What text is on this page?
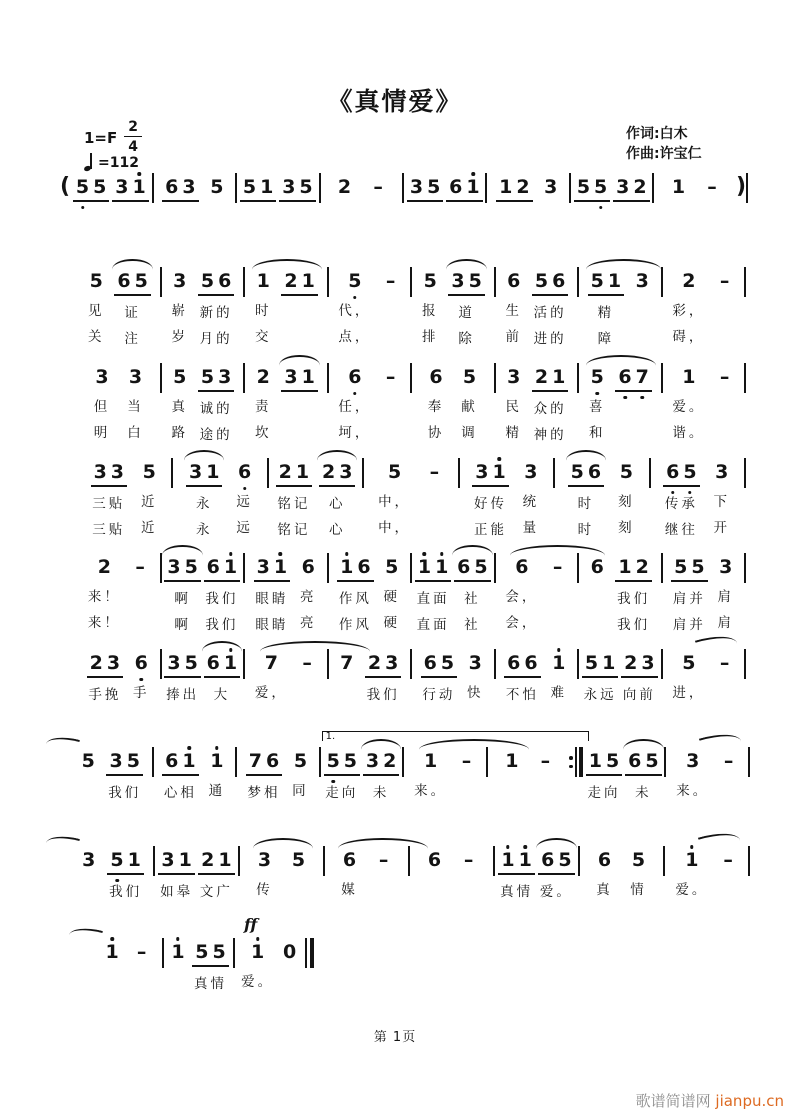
《真情爱》
$1=F \frac{2}{4}$
=112
作词:白木
作曲:许宝仁
( 5 5 3 1 6 3 5 5 1 3 5 2 – 3 5 6 1 1 2 3 5 5 3 2 1 – )
5
见
关
6 5
证
注
3
崭
岁
5 6
新的
月的
1
时
交
2 1

5
代，
点，
–

5
报
排
3 5
道
除
6
生
前
5 6
活的
进的
5 1
精
障
3

2
彩，
碍，
–

3
但
明
3
当
白
5
真
路
5 3
诚的
途的
2
责
坎
3 1

6
任，
坷，
–

6
奉
协
5
献
调
3
民
精
2 1
众的
神的
5
喜
和
6 7

1
爱。
谐。
–

3 3
三贴
三贴
5
近
近
3 1
永
永
6
远
远
2 1
铭记
铭记
2 3
心
心
5
中，
中，
–

3 1
好传
正能
3
统
量
5 6
时
时
5
刻
刻
6 5
传承
继往
3
下
开
2
来！
来！
–

3 5
啊
啊
6 1
我们
我们
3 1
眼睛
眼睛
6
亮
亮
1 6
作风
作风
5
硬
硬
1 1
直面
直面
6 5
社
社
6
会，
会，
–

6

1 2
我们
我们
5 5
肩并
肩并
3
肩
肩
2 3
手挽
6
手
3 5
捧出
6 1
大
7
爱，
–
7
2 3
我们
6 5
行动
3
快
6 6
不怕
1
难
5 1
永远
2 3
向前
5
进，
–

1.
5
3 5
我们
6 1
心相
1
通
7 6
梦相
5
同
5 5
走向
3 2
未
1
来。
–
1
–
1 5
走向
6 5
未
3
来。
–

3
5 1
我们
3 1
如皋
2 1
文广
3
传
5
6
媒
–
6
–
1 1
真情
6 5
爱。
6
真
5
情
1
爱。
–

1
–
1
5 5
真情
1
ff
爱。
0

第 1页
歌谱简谱网 jianpu.cn
